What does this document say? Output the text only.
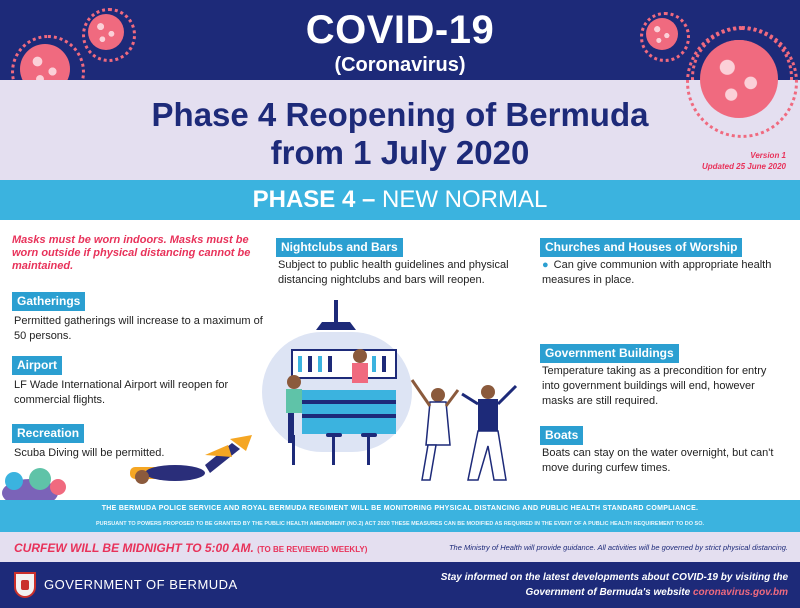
COVID-19
(Coronavirus)
Phase 4 Reopening of Bermuda
from 1 July 2020	Version 1
Updated 25 June 2020
PHASE 4 – NEW NORMAL
Masks must be worn indoors. Masks must be worn outside if physical distancing cannot be maintained.
Gatherings
Permitted gatherings will increase to a maximum of 50 persons.
Airport
LF Wade International Airport will reopen for commercial flights.
Recreation
Scuba Diving will be permitted.
Nightclubs and Bars
Subject to public health guidelines and physical distancing nightclubs and bars will reopen.
Churches and Houses of Worship
● Can give communion with appropriate health measures in place.
Government Buildings
Temperature taking as a precondition for entry into government buildings will end, however masks are still required.
Boats
Boats can stay on the water overnight, but can't move during curfew times.
THE BERMUDA POLICE SERVICE AND ROYAL BERMUDA REGIMENT WILL BE MONITORING PHYSICAL DISTANCING AND PUBLIC HEALTH STANDARD COMPLIANCE.
PURSUANT TO POWERS PROPOSED TO BE GRANTED BY THE PUBLIC HEALTH AMENDMENT (NO.2) ACT 2020 THESE MEASURES CAN BE MODIFIED AS REQUIRED IN THE EVENT OF A PUBLIC HEALTH REQUIREMENT TO DO SO.
CURFEW WILL BE MIDNIGHT TO 5:00 AM. (TO BE REVIEWED WEEKLY)	The Ministry of Health will provide guidance. All activities will be governed by strict physical distancing.
GOVERNMENT OF BERMUDA	Stay informed on the latest developments about COVID-19 by visiting the
Government of Bermuda's website coronavirus.gov.bm
